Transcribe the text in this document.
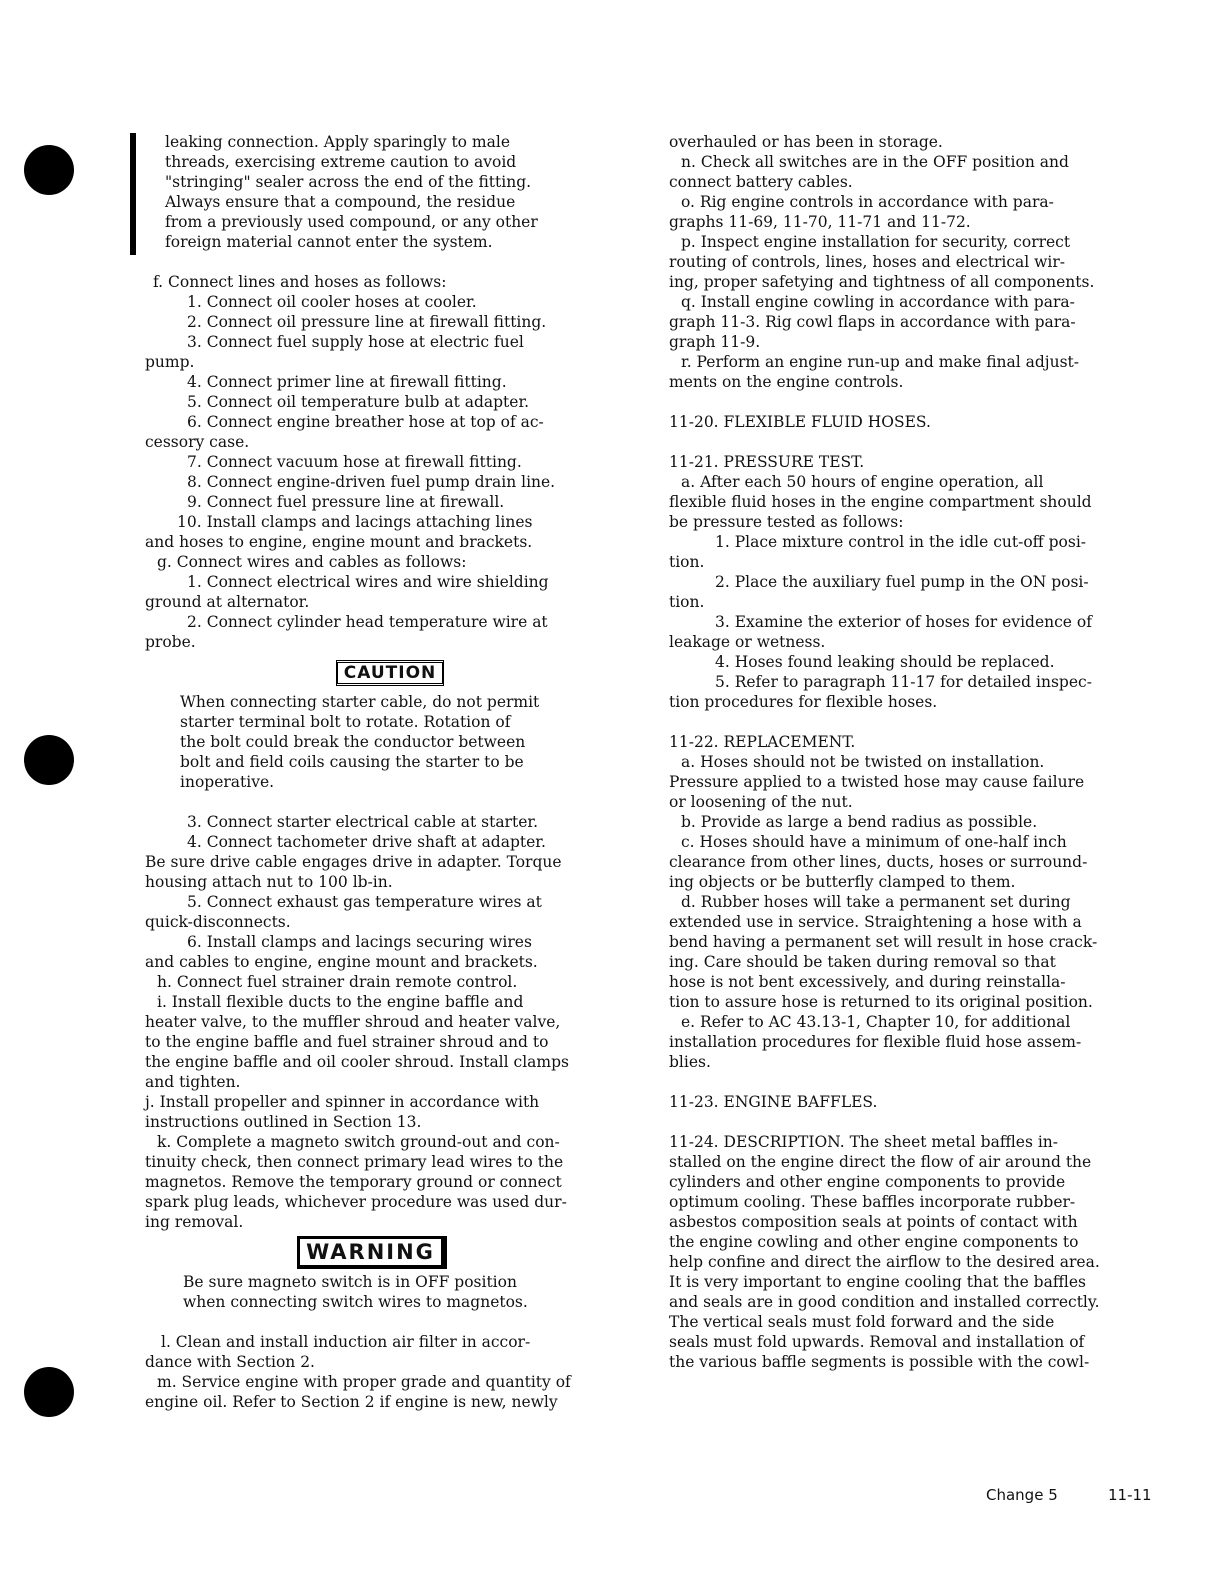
leaking connection. Apply sparingly to male
threads, exercising extreme caution to avoid
"stringing" sealer across the end of the fitting.
Always ensure that a compound, the residue
from a previously used compound, or any other
foreign material cannot enter the system.
f. Connect lines and hoses as follows:
1. Connect oil cooler hoses at cooler.
2. Connect oil pressure line at firewall fitting.
3. Connect fuel supply hose at electric fuel
pump.
4. Connect primer line at firewall fitting.
5. Connect oil temperature bulb at adapter.
6. Connect engine breather hose at top of ac-
cessory case.
7. Connect vacuum hose at firewall fitting.
8. Connect engine-driven fuel pump drain line.
9. Connect fuel pressure line at firewall.
10. Install clamps and lacings attaching lines
and hoses to engine, engine mount and brackets.
g. Connect wires and cables as follows:
1. Connect electrical wires and wire shielding
ground at alternator.
2. Connect cylinder head temperature wire at
probe.
CAUTION
When connecting starter cable, do not permit
starter terminal bolt to rotate. Rotation of
the bolt could break the conductor between
bolt and field coils causing the starter to be
inoperative.
3. Connect starter electrical cable at starter.
4. Connect tachometer drive shaft at adapter.
Be sure drive cable engages drive in adapter. Torque
housing attach nut to 100 lb-in.
5. Connect exhaust gas temperature wires at
quick-disconnects.
6. Install clamps and lacings securing wires
and cables to engine, engine mount and brackets.
h. Connect fuel strainer drain remote control.
i. Install flexible ducts to the engine baffle and
heater valve, to the muffler shroud and heater valve,
to the engine baffle and fuel strainer shroud and to
the engine baffle and oil cooler shroud. Install clamps
and tighten.
j. Install propeller and spinner in accordance with
instructions outlined in Section 13.
k. Complete a magneto switch ground-out and con-
tinuity check, then connect primary lead wires to the
magnetos. Remove the temporary ground or connect
spark plug leads, whichever procedure was used dur-
ing removal.
WARNING
Be sure magneto switch is in OFF position
when connecting switch wires to magnetos.
l. Clean and install induction air filter in accor-
dance with Section 2.
m. Service engine with proper grade and quantity of
engine oil. Refer to Section 2 if engine is new, newly
overhauled or has been in storage.
n. Check all switches are in the OFF position and
connect battery cables.
o. Rig engine controls in accordance with para-
graphs 11-69, 11-70, 11-71 and 11-72.
p. Inspect engine installation for security, correct
routing of controls, lines, hoses and electrical wir-
ing, proper safetying and tightness of all components.
q. Install engine cowling in accordance with para-
graph 11-3. Rig cowl flaps in accordance with para-
graph 11-9.
r. Perform an engine run-up and make final adjust-
ments on the engine controls.
11-20. FLEXIBLE FLUID HOSES.
11-21. PRESSURE TEST.
a. After each 50 hours of engine operation, all
flexible fluid hoses in the engine compartment should
be pressure tested as follows:
1. Place mixture control in the idle cut-off posi-
tion.
2. Place the auxiliary fuel pump in the ON posi-
tion.
3. Examine the exterior of hoses for evidence of
leakage or wetness.
4. Hoses found leaking should be replaced.
5. Refer to paragraph 11-17 for detailed inspec-
tion procedures for flexible hoses.
11-22. REPLACEMENT.
a. Hoses should not be twisted on installation.
Pressure applied to a twisted hose may cause failure
or loosening of the nut.
b. Provide as large a bend radius as possible.
c. Hoses should have a minimum of one-half inch
clearance from other lines, ducts, hoses or surround-
ing objects or be butterfly clamped to them.
d. Rubber hoses will take a permanent set during
extended use in service. Straightening a hose with a
bend having a permanent set will result in hose crack-
ing. Care should be taken during removal so that
hose is not bent excessively, and during reinstalla-
tion to assure hose is returned to its original position.
e. Refer to AC 43.13-1, Chapter 10, for additional
installation procedures for flexible fluid hose assem-
blies.
11-23. ENGINE BAFFLES.
11-24. DESCRIPTION. The sheet metal baffles in-
stalled on the engine direct the flow of air around the
cylinders and other engine components to provide
optimum cooling. These baffles incorporate rubber-
asbestos composition seals at points of contact with
the engine cowling and other engine components to
help confine and direct the airflow to the desired area.
It is very important to engine cooling that the baffles
and seals are in good condition and installed correctly.
The vertical seals must fold forward and the side
seals must fold upwards. Removal and installation of
the various baffle segments is possible with the cowl-
Change 5	11-11
